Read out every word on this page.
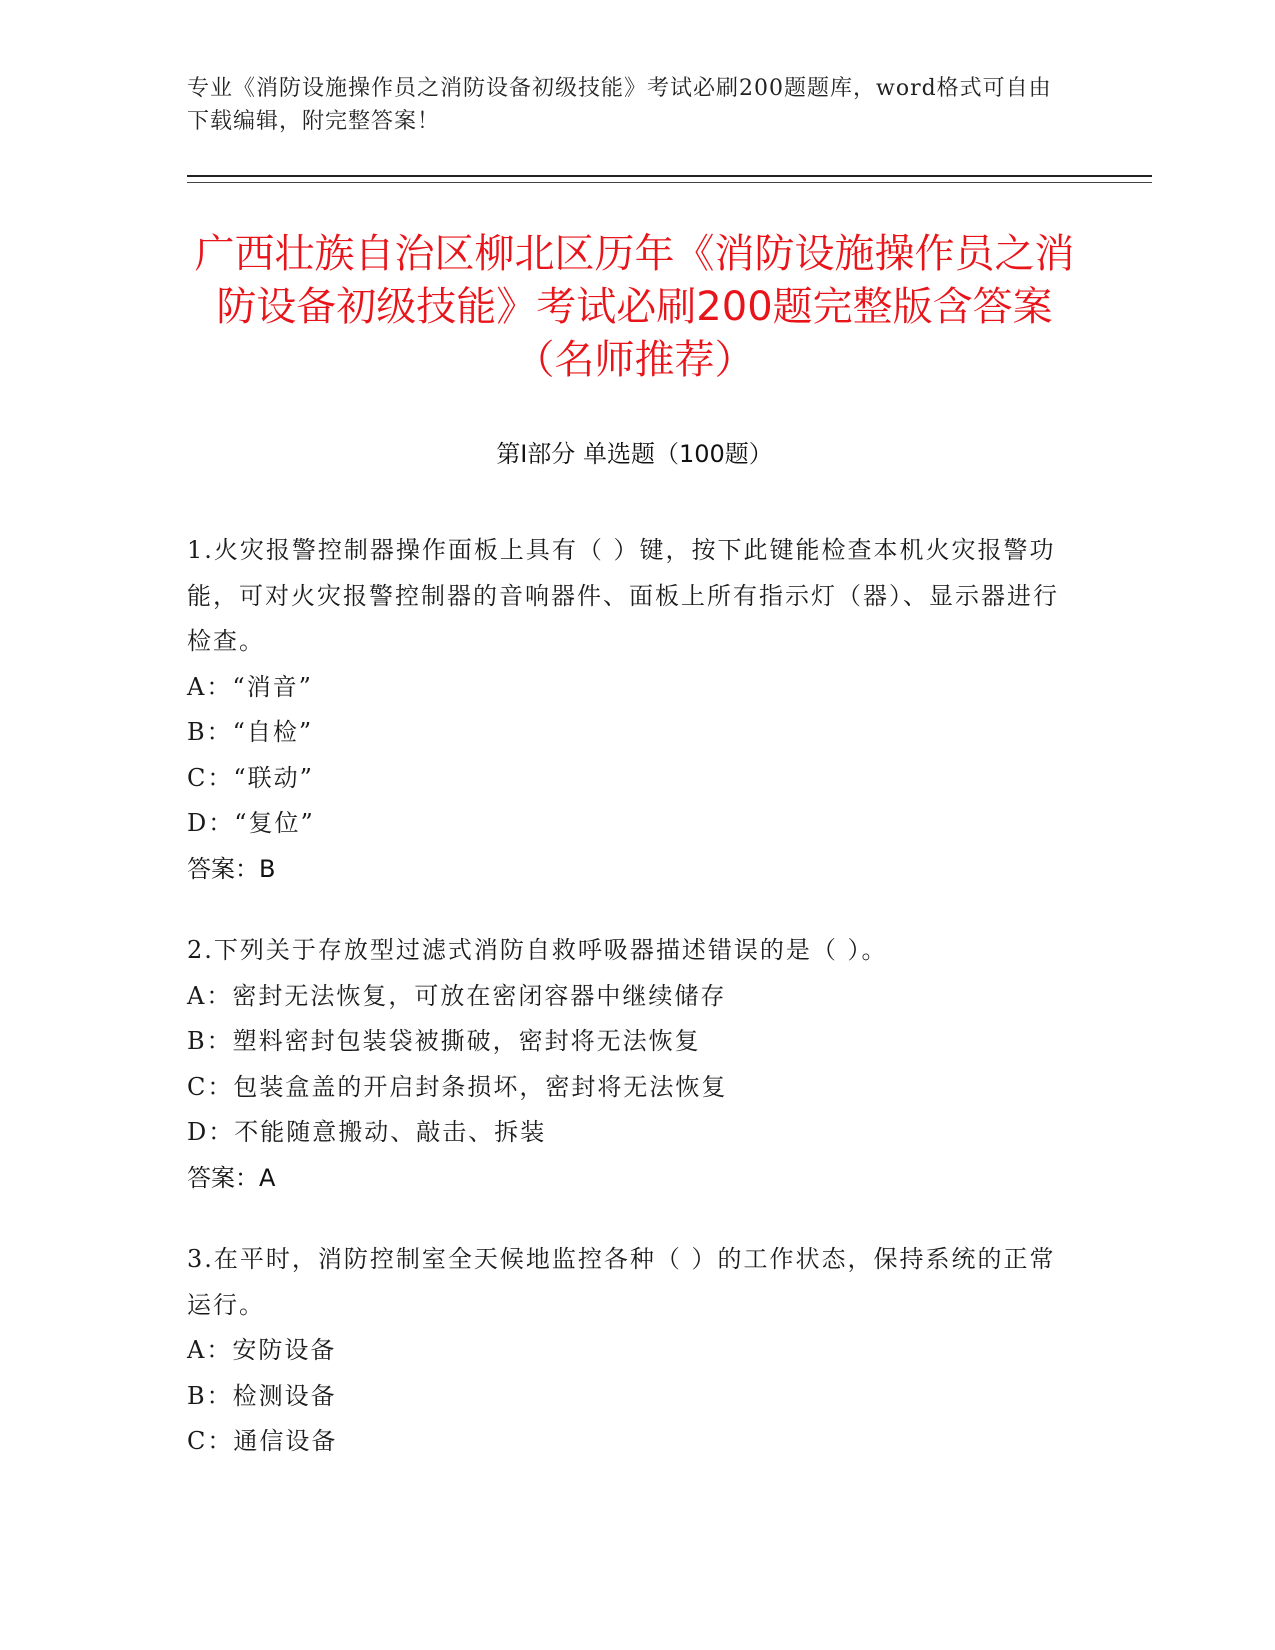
专业《消防设施操作员之消防设备初级技能》考试必刷200题题库，word格式可自由下载编辑，附完整答案！
广西壮族自治区柳北区历年《消防设施操作员之消防设备初级技能》考试必刷200题完整版含答案（名师推荐）
第I部分 单选题（100题）
1.火灾报警控制器操作面板上具有（ ）键，按下此键能检查本机火灾报警功能，可对火灾报警控制器的音响器件、面板上所有指示灯（器）、显示器进行检查。
A：“消音”
B：“自检”
C：“联动”
D：“复位”
答案：B
2.下列关于存放型过滤式消防自救呼吸器描述错误的是（ ）。
A：密封无法恢复，可放在密闭容器中继续储存
B：塑料密封包装袋被撕破，密封将无法恢复
C：包装盒盖的开启封条损坏，密封将无法恢复
D：不能随意搬动、敲击、拆装
答案：A
3.在平时，消防控制室全天候地监控各种（ ）的工作状态，保持系统的正常运行。
A：安防设备
B：检测设备
C：通信设备
